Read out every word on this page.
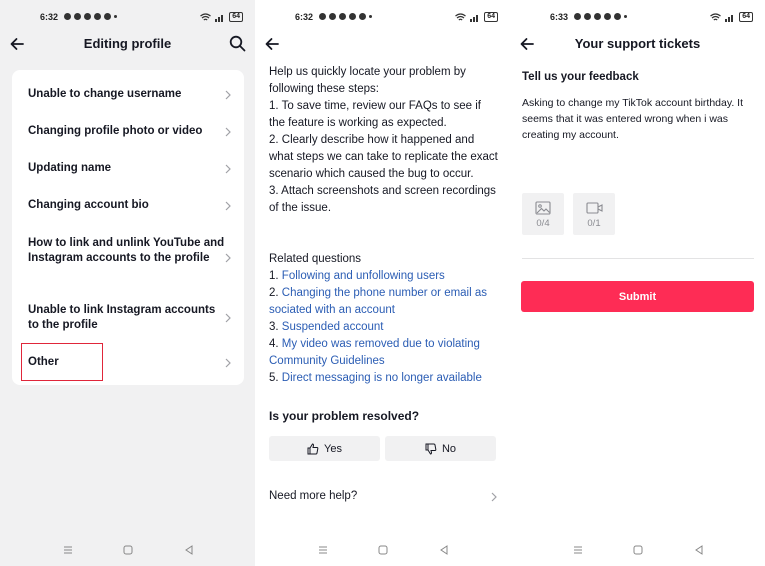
6:32	64
Editing profile
Unable to change username
Changing profile photo or video
Updating name
Changing account bio
How to link and unlink YouTube and Instagram accounts to the profile
Unable to link Instagram accounts to the profile
Other
6:32	64
Help us quickly locate your problem by following these steps:
1. To save time, review our FAQs to see if the feature is working as expected.
2. Clearly describe how it happened and what steps we can take to replicate the exact scenario which caused the bug to occur.
3. Attach screenshots and screen recordings of the issue.
Related questions
1. Following and unfollowing users
2. Changing the phone number or email as sociated with an account
3. Suspended account
4. My video was removed due to violating Community Guidelines
5. Direct messaging is no longer available
Is your problem resolved?
Yes	No
Need more help?
6:33	64
Your support tickets
Tell us your feedback
Asking to change my TikTok account birthday. It seems that it was entered wrong when i was creating my account.
0/4	0/1
Submit
